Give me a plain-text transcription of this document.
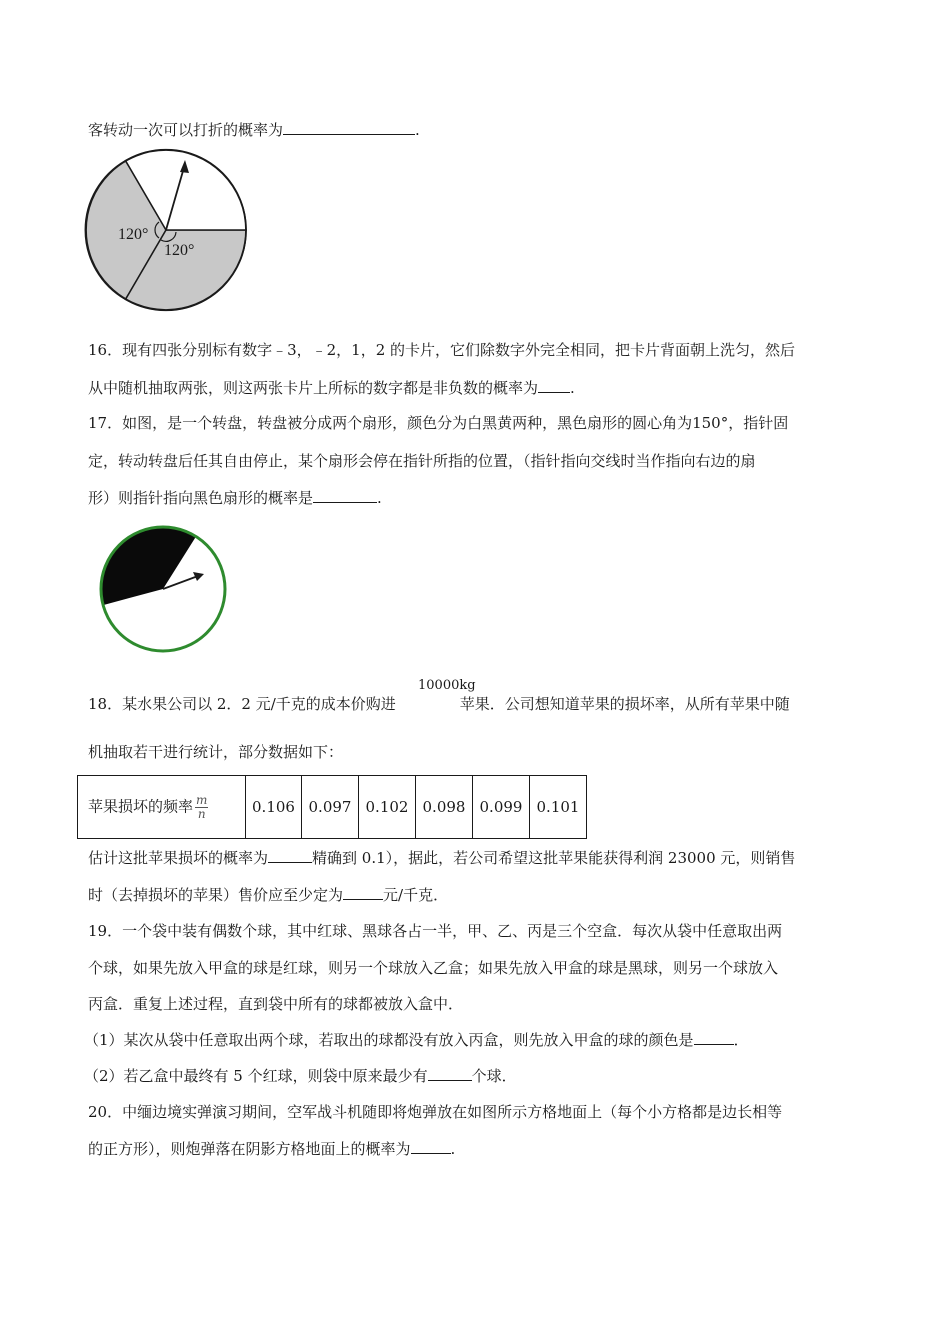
客转动一次可以打折的概率为	.
120°
120°
16．现有四张分别标有数字﹣3，﹣2，1，2 的卡片，它们除数字外完全相同，把卡片背面朝上洗匀，然后
从中随机抽取两张，则这两张卡片上所标的数字都是非负数的概率为 .
17．如图，是一个转盘，转盘被分成两个扇形，颜色分为白黑黄两种，黑色扇形的圆心角为150°，指针固
定，转动转盘后任其自由停止，某个扇形会停在指针所指的位置，（指针指向交线时当作指向右边的扇
形）则指针指向黑色扇形的概率是	.
10000kg
18．某水果公司以 2．2 元/千克的成本价购进	苹果．公司想知道苹果的损坏率，从所有苹果中随
机抽取若干进行统计，部分数据如下：
苹果损坏的频率 $\frac{m}{n}$	0.106	0.097	0.102	0.098	0.099	0.101
估计这批苹果损坏的概率为	精确到 0.1），据此，若公司希望这批苹果能获得利润 23000 元，则销售
时（去掉损坏的苹果）售价应至少定为	元/千克．
19．一个袋中装有偶数个球，其中红球、黑球各占一半，甲、乙、丙是三个空盒．每次从袋中任意取出两
个球，如果先放入甲盒的球是红球，则另一个球放入乙盒；如果先放入甲盒的球是黑球，则另一个球放入
丙盒．重复上述过程，直到袋中所有的球都被放入盒中．
（1）某次从袋中任意取出两个球，若取出的球都没有放入丙盒，则先放入甲盒的球的颜色是	．
（2）若乙盒中最终有 5 个红球，则袋中原来最少有	个球．
20．中缅边境实弹演习期间，空军战斗机随即将炮弹放在如图所示方格地面上（每个小方格都是边长相等
的正方形），则炮弹落在阴影方格地面上的概率为	.
